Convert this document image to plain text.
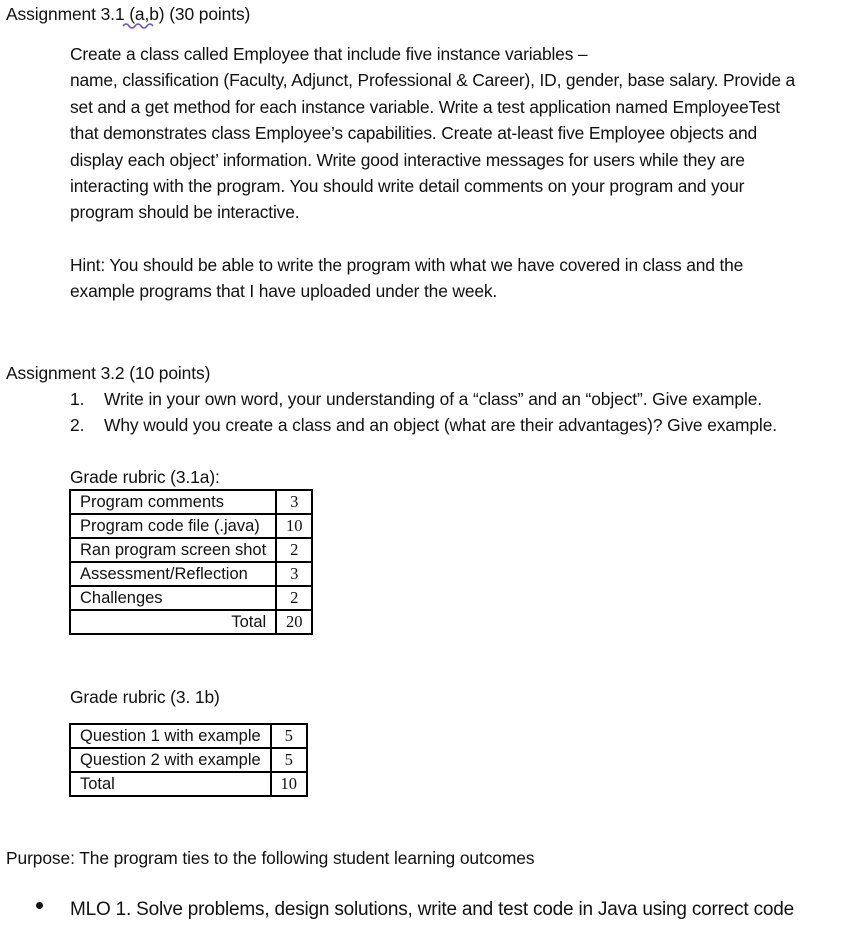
Assignment 3.1 (a,b) (30 points)
Create a class called Employee that include five instance variables –
name, classification (Faculty, Adjunct, Professional & Career), ID, gender, base salary. Provide a
set and a get method for each instance variable. Write a test application named EmployeeTest
that demonstrates class Employee’s capabilities. Create at-least five Employee objects and
display each object’ information. Write good interactive messages for users while they are
interacting with the program. You should write detail comments on your program and your
program should be interactive.
Hint: You should be able to write the program with what we have covered in class and the
example programs that I have uploaded under the week.
Assignment 3.2 (10 points)
1. Write in your own word, your understanding of a “class” and an “object”. Give example.
2. Why would you create a class and an object (what are their advantages)? Give example.
Grade rubric (3.1a):
Program comments	3
Program code file (.java)	10
Ran program screen shot	2
Assessment/Reflection	3
Challenges	2
Total	20
Grade rubric (3. 1b)
Question 1 with example	5
Question 2 with example	5
Total	10
Purpose: The program ties to the following student learning outcomes
MLO 1. Solve problems, design solutions, write and test code in Java using correct code
